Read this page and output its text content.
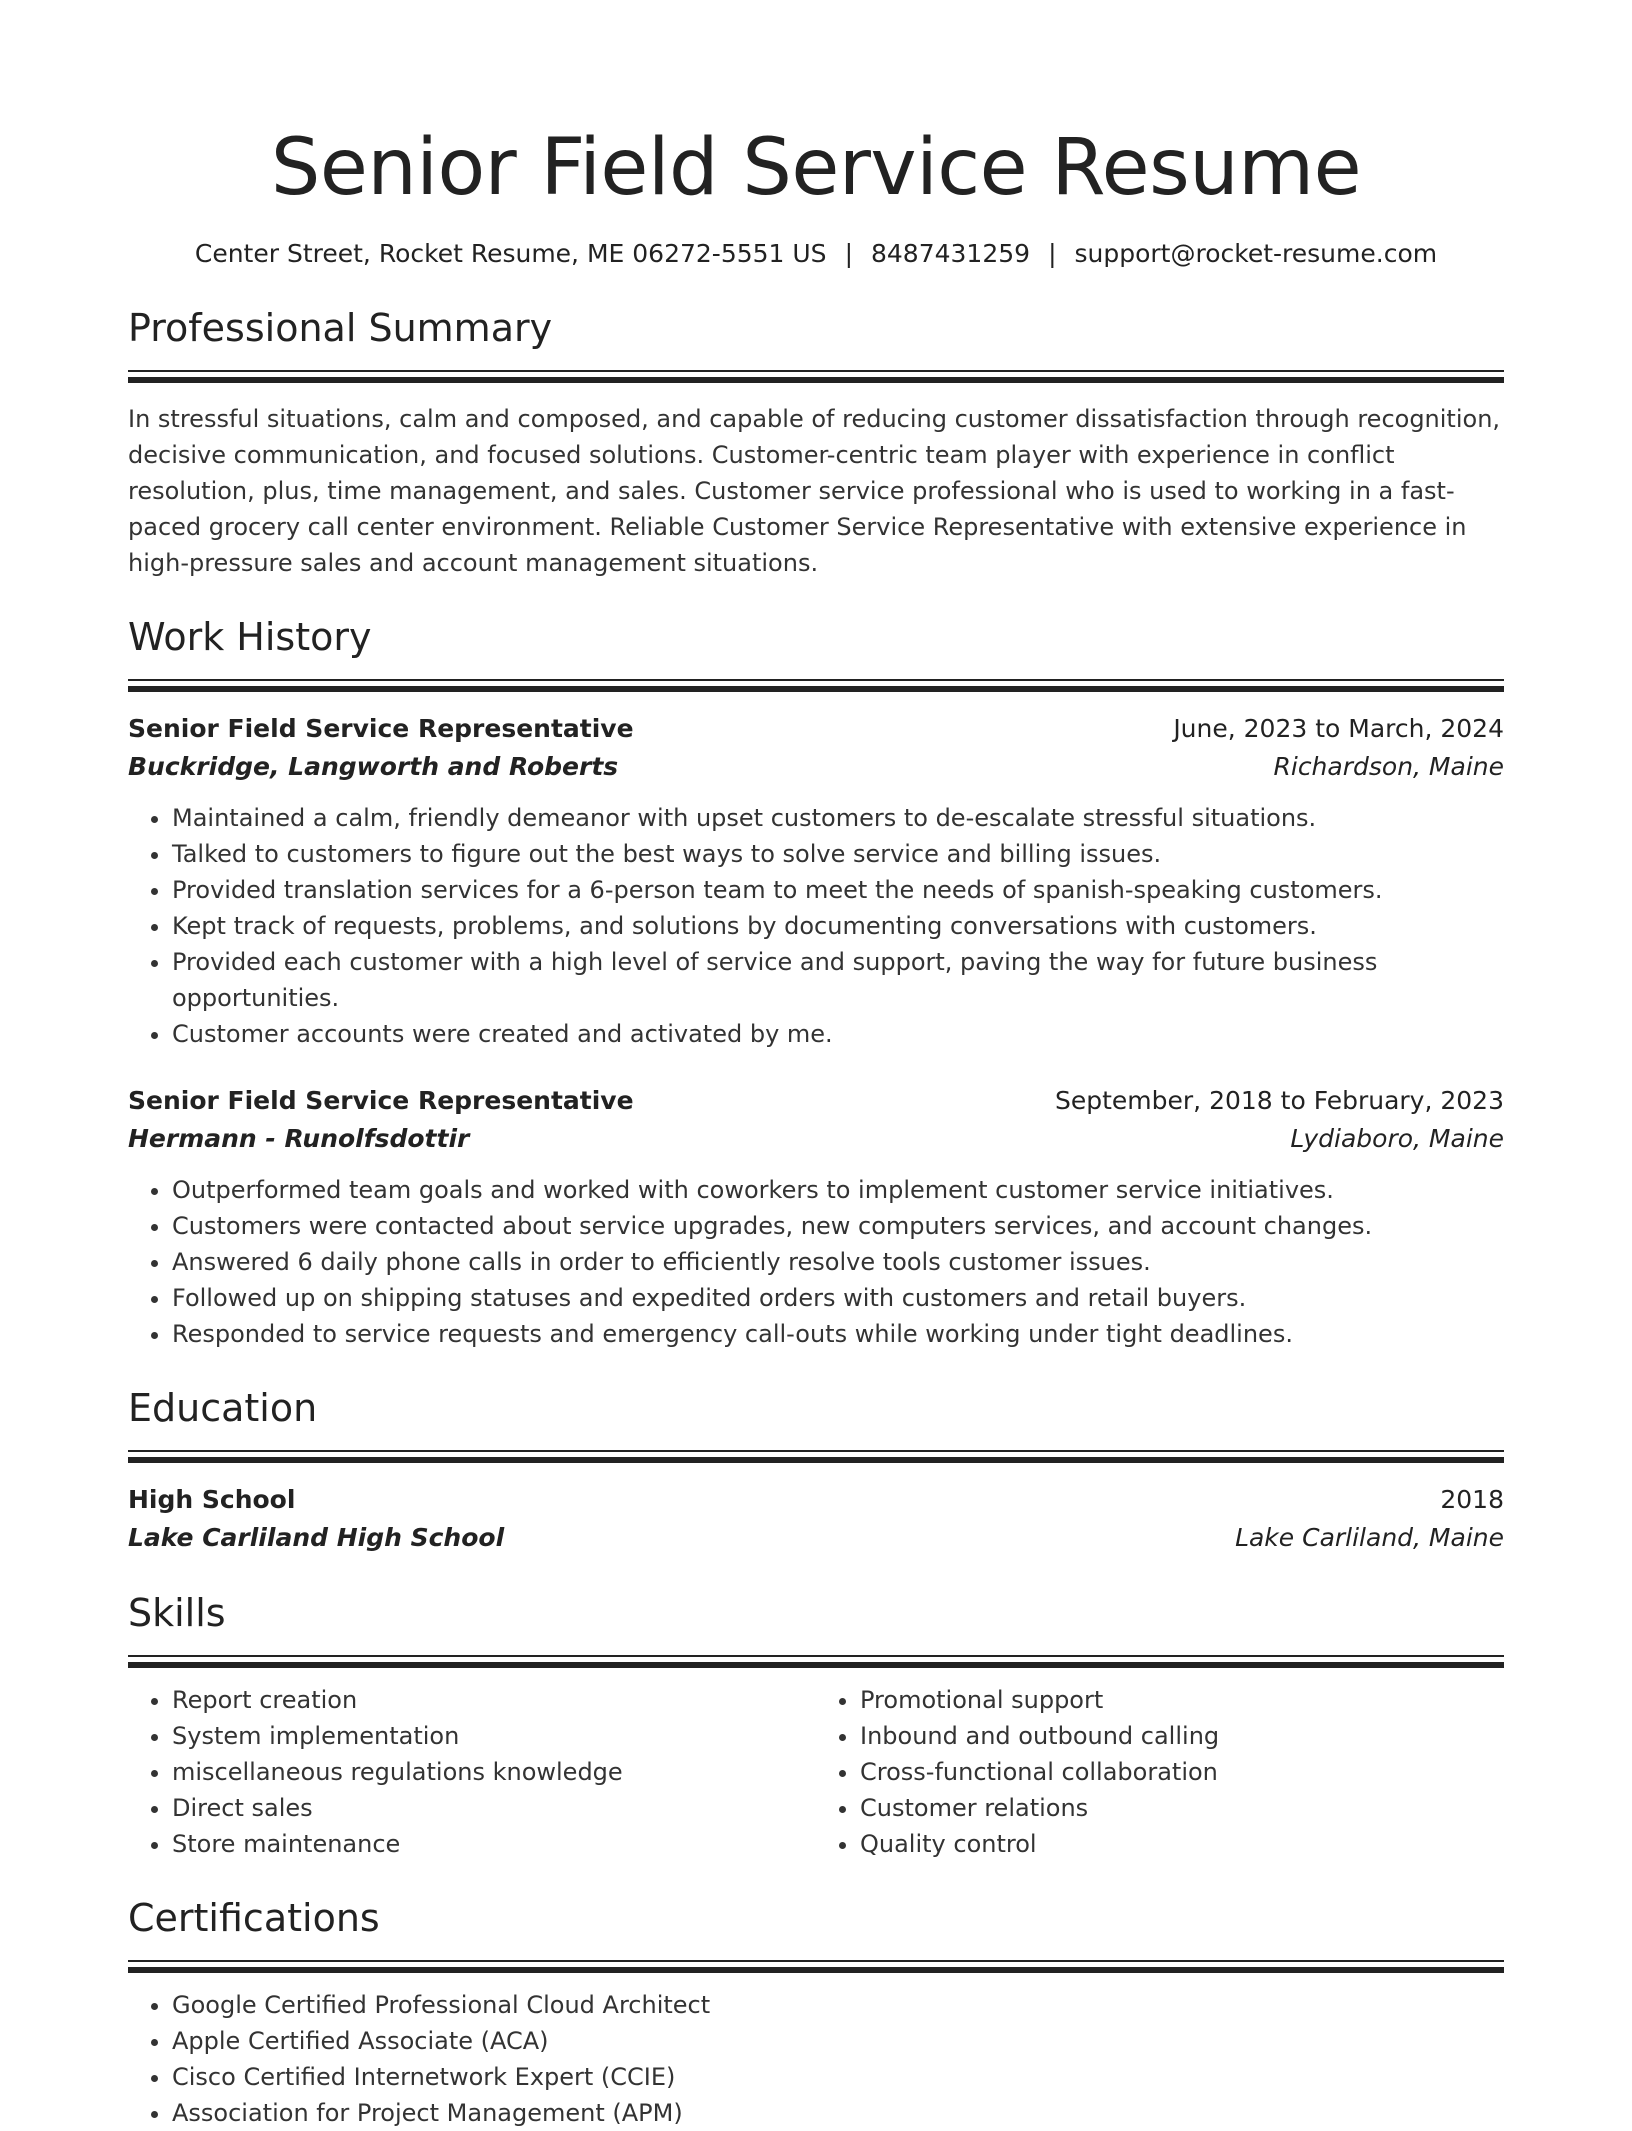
Senior Field Service Resume
Center Street, Rocket Resume, ME 06272-5551 US | 8487431259 | support@rocket-resume.com
Professional Summary
In stressful situations, calm and composed, and capable of reducing customer dissatisfaction through recognition, decisive communication, and focused solutions. Customer-centric team player with experience in conflict resolution, plus, time management, and sales. Customer service professional who is used to working in a fast-paced grocery call center environment. Reliable Customer Service Representative with extensive experience in high-pressure sales and account management situations.
Work History
Senior Field Service Representative	June, 2023 to March, 2024
Buckridge, Langworth and Roberts	Richardson, Maine
• Maintained a calm, friendly demeanor with upset customers to de-escalate stressful situations.
• Talked to customers to figure out the best ways to solve service and billing issues.
• Provided translation services for a 6-person team to meet the needs of spanish-speaking customers.
• Kept track of requests, problems, and solutions by documenting conversations with customers.
• Provided each customer with a high level of service and support, paving the way for future business opportunities.
• Customer accounts were created and activated by me.
Senior Field Service Representative	September, 2018 to February, 2023
Hermann - Runolfsdottir	Lydiaboro, Maine
• Outperformed team goals and worked with coworkers to implement customer service initiatives.
• Customers were contacted about service upgrades, new computers services, and account changes.
• Answered 6 daily phone calls in order to efficiently resolve tools customer issues.
• Followed up on shipping statuses and expedited orders with customers and retail buyers.
• Responded to service requests and emergency call-outs while working under tight deadlines.
Education
High School	2018
Lake Carliland High School	Lake Carliland, Maine
Skills
• Report creation
• System implementation
• miscellaneous regulations knowledge
• Direct sales
• Store maintenance
• Promotional support
• Inbound and outbound calling
• Cross-functional collaboration
• Customer relations
• Quality control
Certifications
• Google Certified Professional Cloud Architect
• Apple Certified Associate (ACA)
• Cisco Certified Internetwork Expert (CCIE)
• Association for Project Management (APM)
